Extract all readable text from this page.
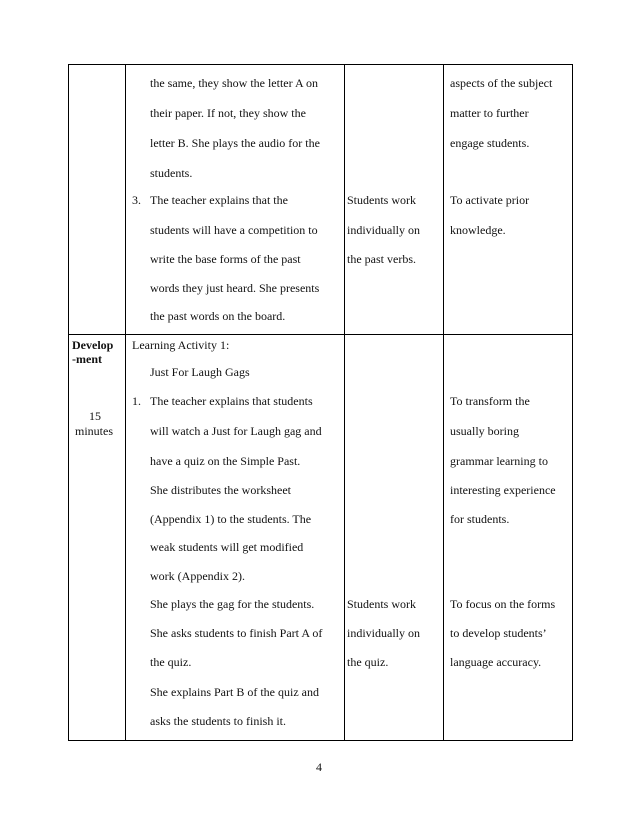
the same, they show the letter A on
their paper. If not, they show the
letter B. She plays the audio for the
students.
3. The teacher explains that the
students will have a competition to
write the base forms of the past
words they just heard. She presents
the past words on the board.
Students work
individually on
the past verbs.
aspects of the subject
matter to further
engage students.
To activate prior
knowledge.
Develop
-ment
15
minutes
Learning Activity 1:
Just For Laugh Gags
1. The teacher explains that students
will watch a Just for Laugh gag and
have a quiz on the Simple Past.
She distributes the worksheet
(Appendix 1) to the students. The
weak students will get modified
work (Appendix 2).
She plays the gag for the students.
She asks students to finish Part A of
the quiz.
She explains Part B of the quiz and
asks the students to finish it.
Students work
individually on
the quiz.
To transform the
usually boring
grammar learning to
interesting experience
for students.
To focus on the forms
to develop students’
language accuracy.
4
